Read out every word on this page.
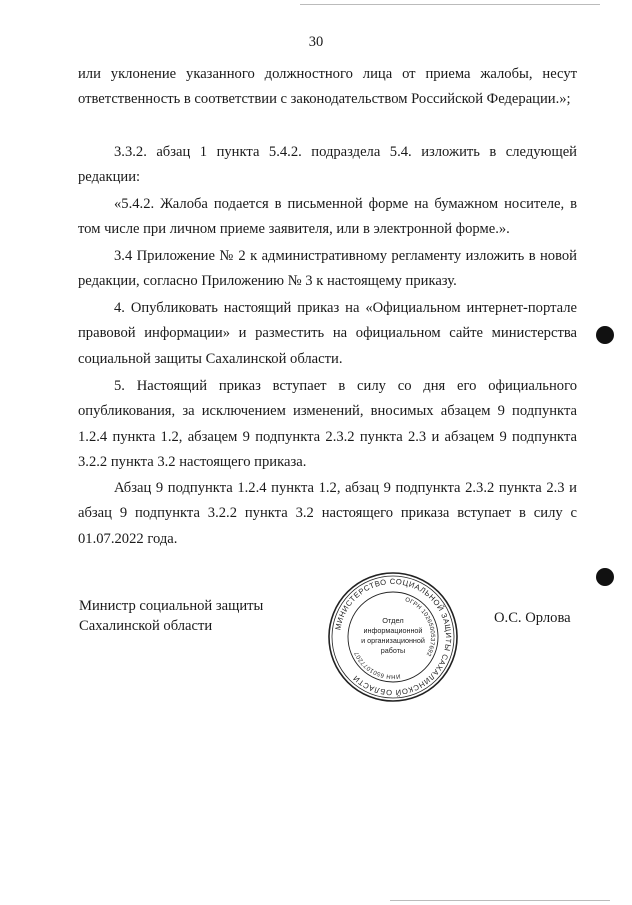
30

или уклонение указанного должностного лица от приема жалобы, несут ответственность в соответствии с законодательством Российской Федерации.»;

3.3.2. абзац 1 пункта 5.4.2. подраздела 5.4. изложить в следующей редакции:

«5.4.2. Жалоба подается в письменной форме на бумажном носителе, в том числе при личном приеме заявителя, или в электронной форме.».

3.4 Приложение № 2 к административному регламенту изложить в новой редакции, согласно Приложению № 3 к настоящему приказу.

4. Опубликовать настоящий приказ на «Официальном интернет-портале правовой информации» и разместить на официальном сайте министерства социальной защиты Сахалинской области.

5. Настоящий приказ вступает в силу со дня его официального опубликования, за исключением изменений, вносимых абзацем 9 подпункта 1.2.4 пункта 1.2, абзацем 9 подпункта 2.3.2 пункта 2.3 и абзацем 9 подпункта 3.2.2 пункта 3.2 настоящего приказа.

Абзац 9 подпункта 1.2.4 пункта 1.2, абзац 9 подпункта 2.3.2 пункта 2.3 и абзац 9 подпункта 3.2.2 пункта 3.2 настоящего приказа вступает в силу с 01.07.2022 года.

Министр социальной защиты
Сахалинской области	МИНИСТЕРСТВО СОЦИАЛЬНОЙ ЗАЩИТЫ САХАЛИНСКОЙ ОБЛАСТИ
ОГРН 1026500537692
ИНН 6501077207
Отдел
информационной
и организационной
работы
О.С. Орлова
